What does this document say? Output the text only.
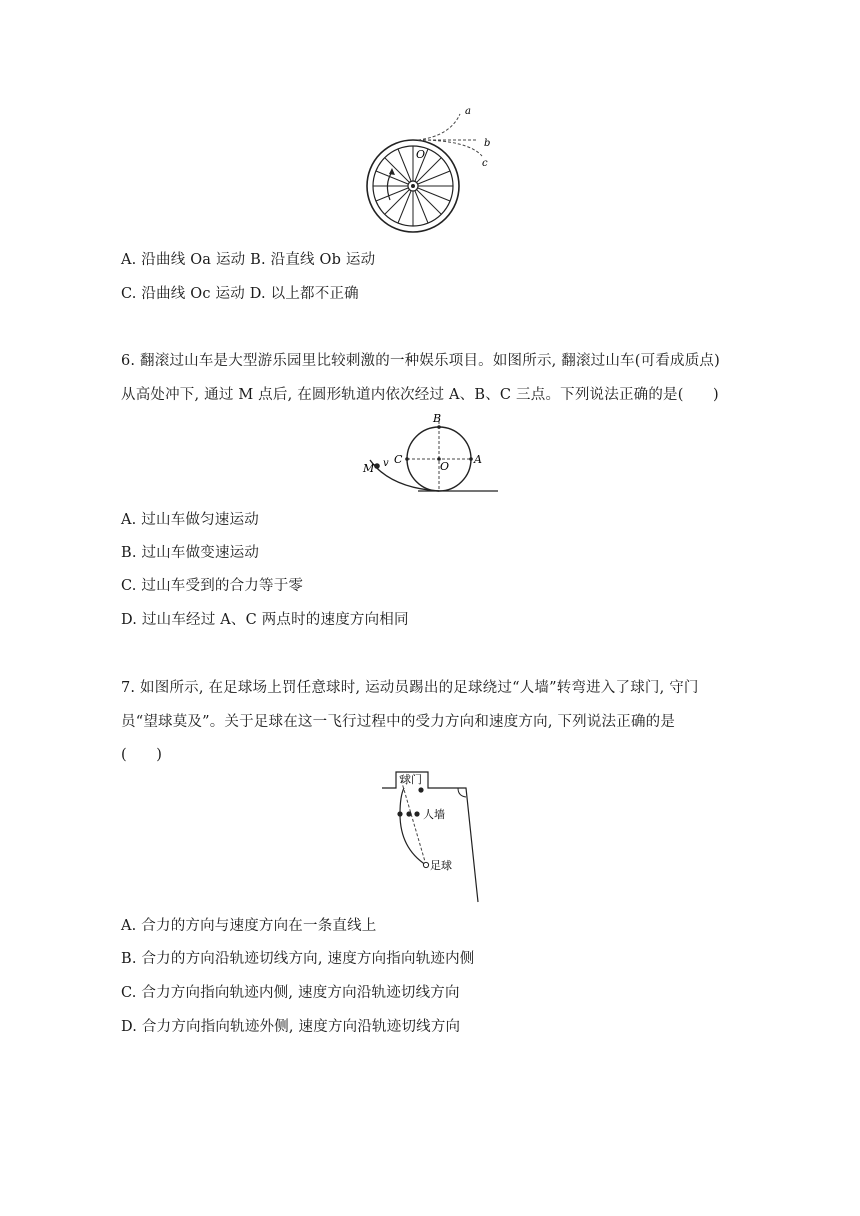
a
b
c
O
A. 沿曲线 Oa 运动 B. 沿直线 Ob 运动
C. 沿曲线 Oc 运动 D. 以上都不正确
6. 翻滚过山车是大型游乐园里比较刺激的一种娱乐项目。如图所示, 翻滚过山车(可看成质点)
从高处冲下, 通过 M 点后, 在圆形轨道内依次经过 A、B、C 三点。下列说法正确的是(　　)
B
A
C
O
M v
A. 过山车做匀速运动
B. 过山车做变速运动
C. 过山车受到的合力等于零
D. 过山车经过 A、C 两点时的速度方向相同
7. 如图所示, 在足球场上罚任意球时, 运动员踢出的足球绕过“人墙”转弯进入了球门, 守门
员“望球莫及”。关于足球在这一飞行过程中的受力方向和速度方向, 下列说法正确的是
(　　)
球门
人墙
足球
A. 合力的方向与速度方向在一条直线上
B. 合力的方向沿轨迹切线方向, 速度方向指向轨迹内侧
C. 合力方向指向轨迹内侧, 速度方向沿轨迹切线方向
D. 合力方向指向轨迹外侧, 速度方向沿轨迹切线方向
